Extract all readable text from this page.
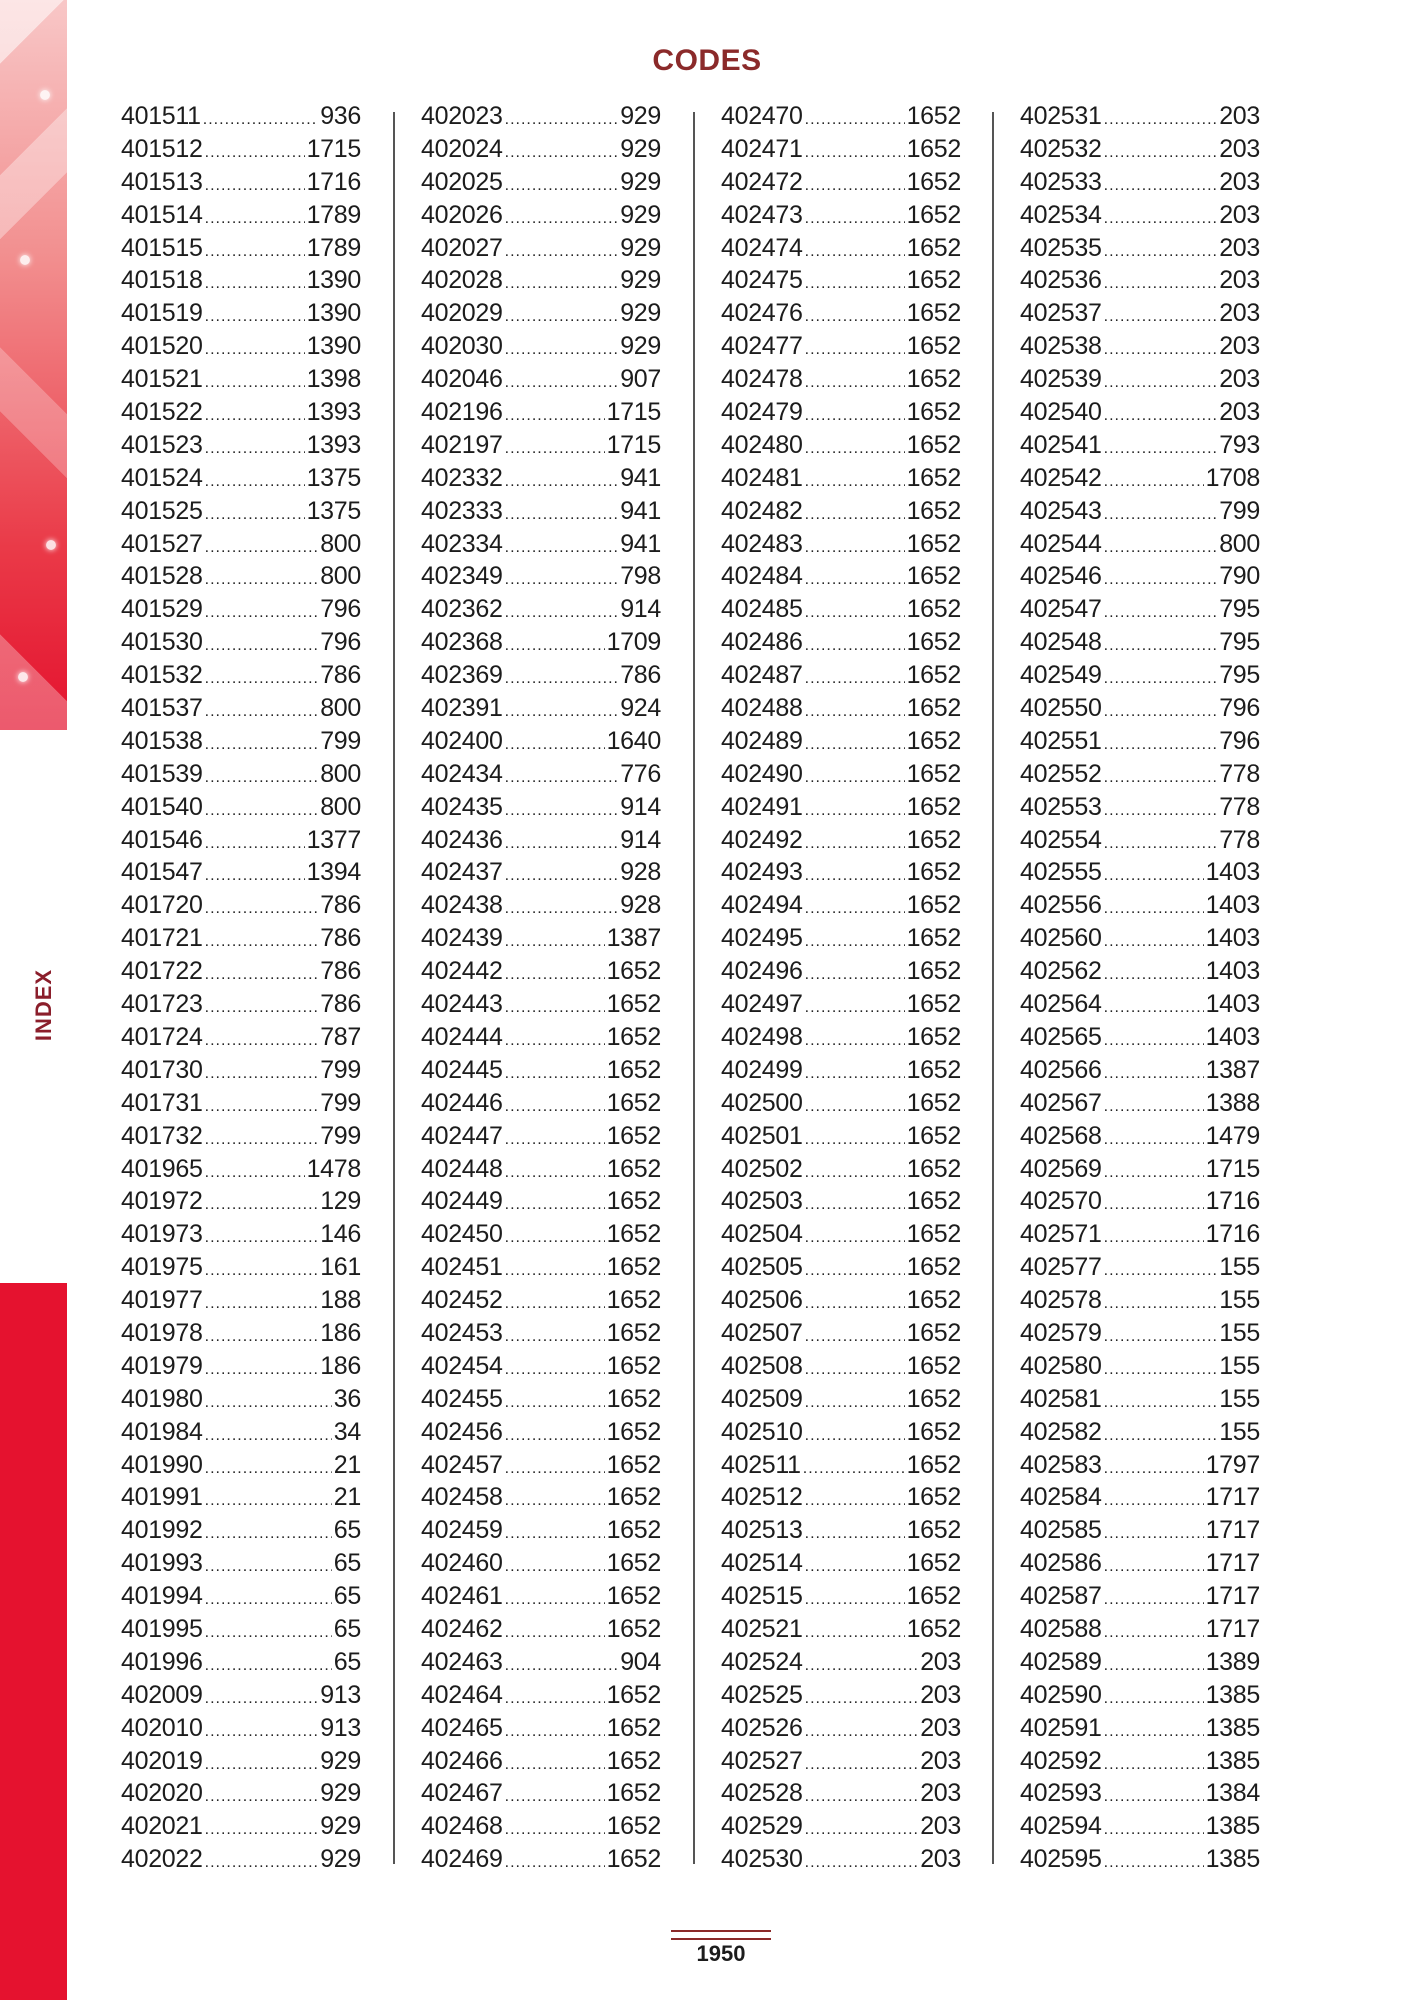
INDEX
CODES
401511 .....	936
401512 .....	1715
401513 .....	1716
401514 .....	1789
401515 .....	1789
401518 .....	1390
401519 .....	1390
401520 .....	1390
401521 .....	1398
401522 .....	1393
401523 .....	1393
401524 .....	1375
401525 .....	1375
401527 .....	800
401528 .....	800
401529 .....	796
401530 .....	796
401532 .....	786
401537 .....	800
401538 .....	799
401539 .....	800
401540 .....	800
401546 .....	1377
401547 .....	1394
401720 .....	786
401721 .....	786
401722 .....	786
401723 .....	786
401724 .....	787
401730 .....	799
401731 .....	799
401732 .....	799
401965 .....	1478
401972 .....	129
401973 .....	146
401975 .....	161
401977 .....	188
401978 .....	186
401979 .....	186
401980 .....	36
401984 .....	34
401990 .....	21
401991 .....	21
401992 .....	65
401993 .....	65
401994 .....	65
401995 .....	65
401996 .....	65
402009 .....	913
402010 .....	913
402019 .....	929
402020 .....	929
402021 .....	929
402022 .....	929
402023 .....	929
402024 .....	929
402025 .....	929
402026 .....	929
402027 .....	929
402028 .....	929
402029 .....	929
402030 .....	929
402046 .....	907
402196 .....	1715
402197 .....	1715
402332 .....	941
402333 .....	941
402334 .....	941
402349 .....	798
402362 .....	914
402368 .....	1709
402369 .....	786
402391 .....	924
402400 .....	1640
402434 .....	776
402435 .....	914
402436 .....	914
402437 .....	928
402438 .....	928
402439 .....	1387
402442 .....	1652
402443 .....	1652
402444 .....	1652
402445 .....	1652
402446 .....	1652
402447 .....	1652
402448 .....	1652
402449 .....	1652
402450 .....	1652
402451 .....	1652
402452 .....	1652
402453 .....	1652
402454 .....	1652
402455 .....	1652
402456 .....	1652
402457 .....	1652
402458 .....	1652
402459 .....	1652
402460 .....	1652
402461 .....	1652
402462 .....	1652
402463 .....	904
402464 .....	1652
402465 .....	1652
402466 .....	1652
402467 .....	1652
402468 .....	1652
402469 .....	1652
402470 .....	1652
402471 .....	1652
402472 .....	1652
402473 .....	1652
402474 .....	1652
402475 .....	1652
402476 .....	1652
402477 .....	1652
402478 .....	1652
402479 .....	1652
402480 .....	1652
402481 .....	1652
402482 .....	1652
402483 .....	1652
402484 .....	1652
402485 .....	1652
402486 .....	1652
402487 .....	1652
402488 .....	1652
402489 .....	1652
402490 .....	1652
402491 .....	1652
402492 .....	1652
402493 .....	1652
402494 .....	1652
402495 .....	1652
402496 .....	1652
402497 .....	1652
402498 .....	1652
402499 .....	1652
402500 .....	1652
402501 .....	1652
402502 .....	1652
402503 .....	1652
402504 .....	1652
402505 .....	1652
402506 .....	1652
402507 .....	1652
402508 .....	1652
402509 .....	1652
402510 .....	1652
402511 .....	1652
402512 .....	1652
402513 .....	1652
402514 .....	1652
402515 .....	1652
402521 .....	1652
402524 .....	203
402525 .....	203
402526 .....	203
402527 .....	203
402528 .....	203
402529 .....	203
402530 .....	203
402531 .....	203
402532 .....	203
402533 .....	203
402534 .....	203
402535 .....	203
402536 .....	203
402537 .....	203
402538 .....	203
402539 .....	203
402540 .....	203
402541 .....	793
402542 .....	1708
402543 .....	799
402544 .....	800
402546 .....	790
402547 .....	795
402548 .....	795
402549 .....	795
402550 .....	796
402551 .....	796
402552 .....	778
402553 .....	778
402554 .....	778
402555 .....	1403
402556 .....	1403
402560 .....	1403
402562 .....	1403
402564 .....	1403
402565 .....	1403
402566 .....	1387
402567 .....	1388
402568 .....	1479
402569 .....	1715
402570 .....	1716
402571 .....	1716
402577 .....	155
402578 .....	155
402579 .....	155
402580 .....	155
402581 .....	155
402582 .....	155
402583 .....	1797
402584 .....	1717
402585 .....	1717
402586 .....	1717
402587 .....	1717
402588 .....	1717
402589 .....	1389
402590 .....	1385
402591 .....	1385
402592 .....	1385
402593 .....	1384
402594 .....	1385
402595 .....	1385
1950
